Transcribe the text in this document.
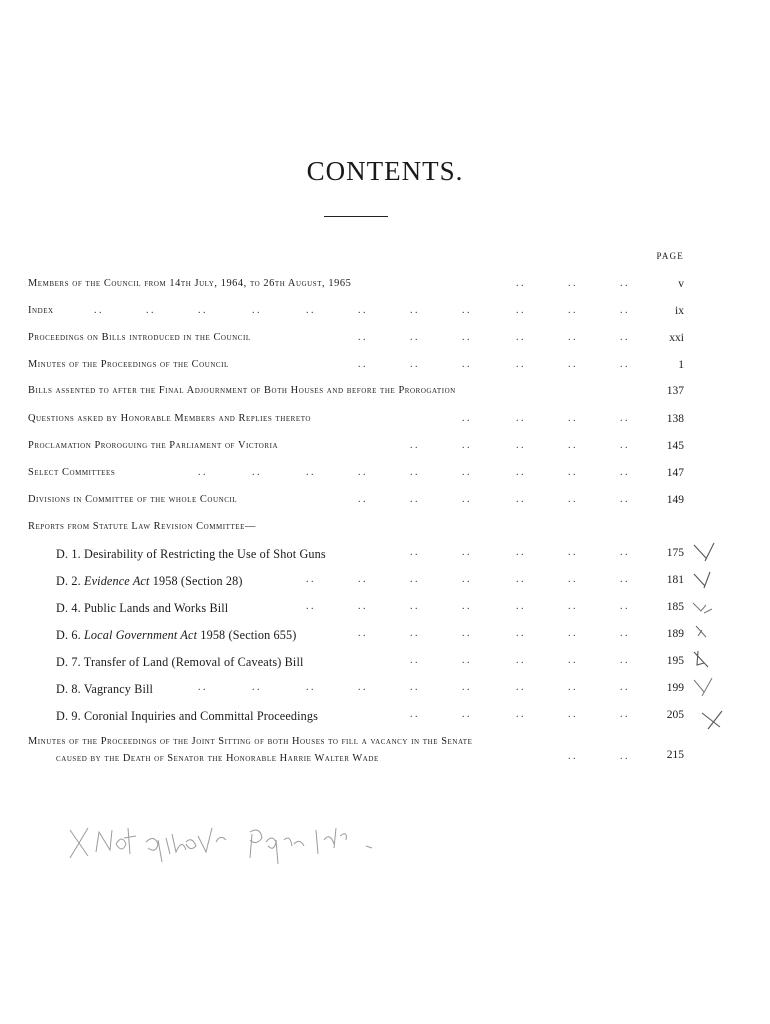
CONTENTS.
PAGE
Members of the Council from 14th July, 1964, to 26th August, 1965	. .	. .	. .	v
Index	. .	. .	. .	. .	. .	. .	. .	. .	. .	. .	. .	ix
Proceedings on Bills introduced in the Council	. .	. .	. .	. .	. .	. .	xxi
Minutes of the Proceedings of the Council	. .	. .	. .	. .	. .	. .	1
Bills assented to after the Final Adjournment of Both Houses and before the Prorogation	137
Questions asked by Honorable Members and Replies thereto	. .	. .	. .	. .	138
Proclamation Proroguing the Parliament of Victoria	. .	. .	. .	. .	. .	145
Select Committees	. .	. .	. .	. .	. .	. .	. .	. .	. .	147
Divisions in Committee of the whole Council	. .	. .	. .	. .	. .	. .	149
Reports from Statute Law Revision Committee—
D. 1. Desirability of Restricting the Use of Shot Guns	. .	. .	. .	. .	. .	175
D. 2. Evidence Act 1958 (Section 28)	. .	. .	. .	. .	. .	. .	. .	181
D. 4. Public Lands and Works Bill	. .	. .	. .	. .	. .	. .	. .	185
D. 6. Local Government Act 1958 (Section 655)	. .	. .	. .	. .	. .	. .	189
D. 7. Transfer of Land (Removal of Caveats) Bill	. .	. .	. .	. .	. .	195
D. 8. Vagrancy Bill	. .	. .	. .	. .	. .	. .	. .	. .	. .	199
D. 9. Coronial Inquiries and Committal Proceedings	. .	. .	. .	. .	. .	205
Minutes of the Proceedings of the Joint Sitting of both Houses to fill a vacancy in the Senate
caused by the Death of Senator the Honorable Harrie Walter Wade	. .	. .	215
